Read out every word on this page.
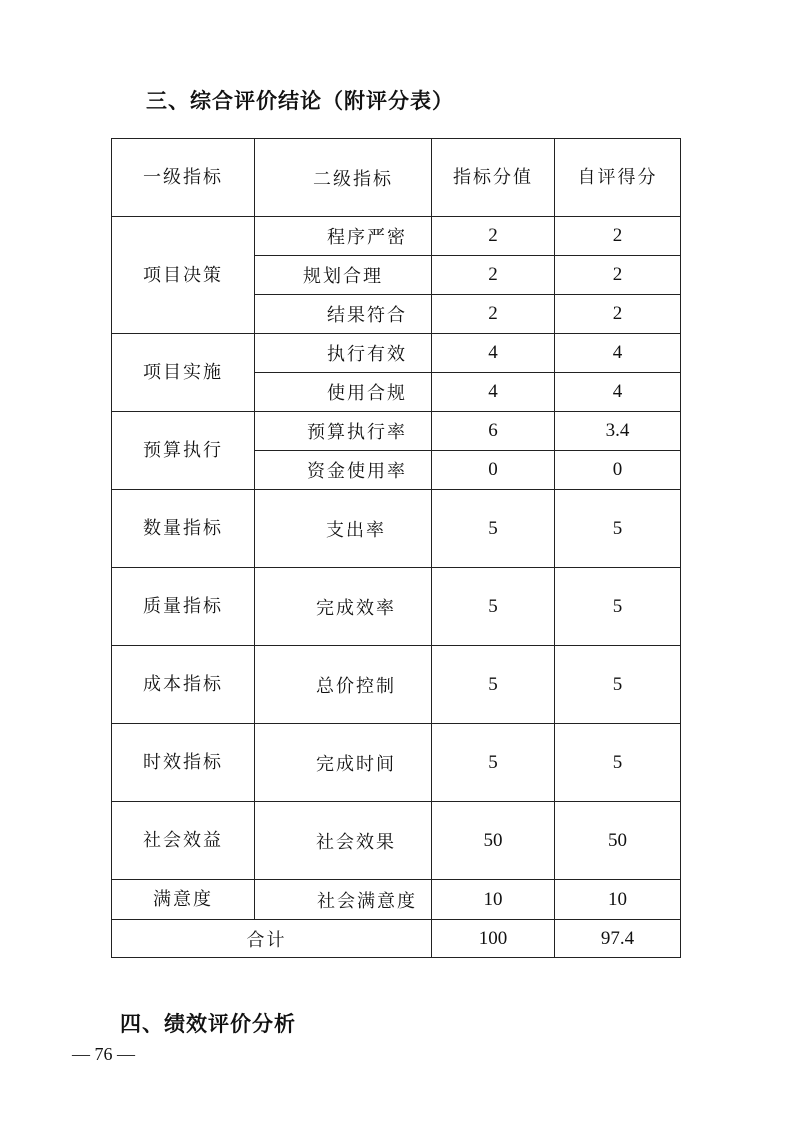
三、综合评价结论（附评分表）
一级指标	二级指标	指标分值	自评得分
项目决策	程序严密	2	2
	规划合理	2	2
	结果符合	2	2
项目实施	执行有效	4	4
	使用合规	4	4
预算执行	预算执行率	6	3.4
	资金使用率	0	0
数量指标	支出率	5	5
质量指标	完成效率	5	5
成本指标	总价控制	5	5
时效指标	完成时间	5	5
社会效益	社会效果	50	50
满意度	社会满意度	10	10
合计		100	97.4
四、绩效评价分析
— 76 —
